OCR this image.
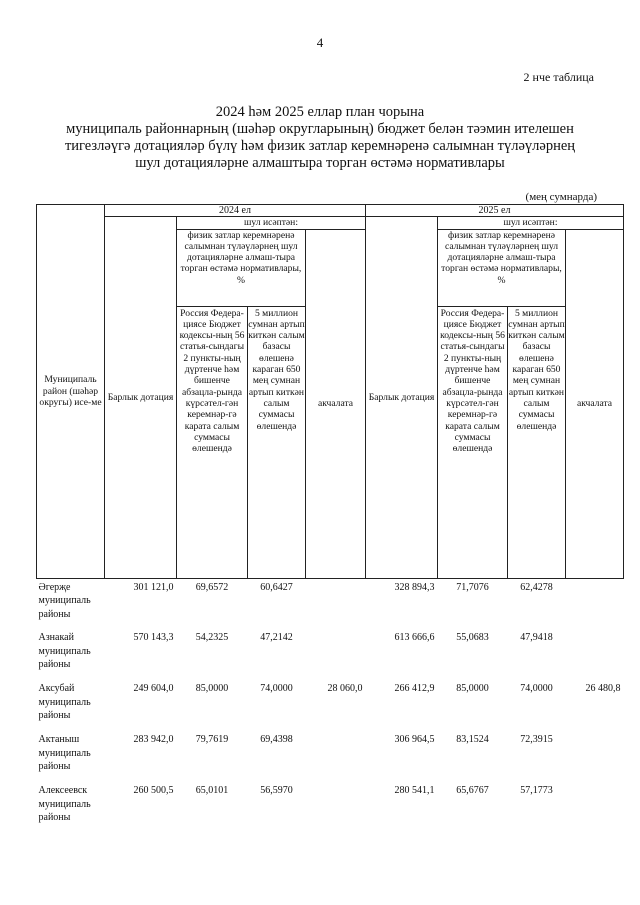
4
2 нче таблица
2024 һәм 2025 еллар план чорына
муниципаль районнарның (шәһәр округларының) бюджет белән тәэмин ителешен
тигезләүгә дотацияләр бүлү һәм физик затлар керемнәренә салымнан түләүләрнең
шул дотацияләрне алмаштыра торган өстәмә нормативлары
(мең сумнарда)
Муниципаль район (шәһәр округы) исе-ме	2024 ел				2025 ел			
	Барлык дотация	шул исәптән:			Барлык дотация	шул исәптән:		
		физик затлар керемнәренә салымнан түләүләрнең шул дотацияләрне алмаш-тыра торган өстәмә нормативлары, %		акчалата		физик затлар керемнәренә салымнан түләүләрнең шул дотацияләрне алмаш-тыра торган өстәмә нормативлары, %		акчалата
		Россия Федера-циясе Бюджет кодексы-ның 56 статья-сындагы 2 пункты-ның дүртенче һәм бишенче абзацла-рында күрсәтел-гән керемнәр-гә карата салым суммасы өлешендә	5 миллион сумнан артып киткән салым базасы өлешенә караган 650 мең сумнан артып киткән салым суммасы өлешендә			Россия Федера-циясе Бюджет кодексы-ның 56 статья-сындагы 2 пункты-ның дүртенче һәм бишенче абзацла-рында күрсәтел-гән керемнәр-гә карата салым суммасы өлешендә	5 миллион сумнан артып киткән салым базасы өлешенә караган 650 мең сумнан артып киткән салым суммасы өлешендә	
Әгерҗе муниципаль районы	301 121,0	69,6572	60,6427		328 894,3	71,7076	62,4278	
Азнакай муниципаль районы	570 143,3	54,2325	47,2142		613 666,6	55,0683	47,9418	
Аксубай муниципаль районы	249 604,0	85,0000	74,0000	28 060,0	266 412,9	85,0000	74,0000	26 480,8
Актаныш муниципаль районы	283 942,0	79,7619	69,4398		306 964,5	83,1524	72,3915	
Алексеевск муниципаль районы	260 500,5	65,0101	56,5970		280 541,1	65,6767	57,1773	
